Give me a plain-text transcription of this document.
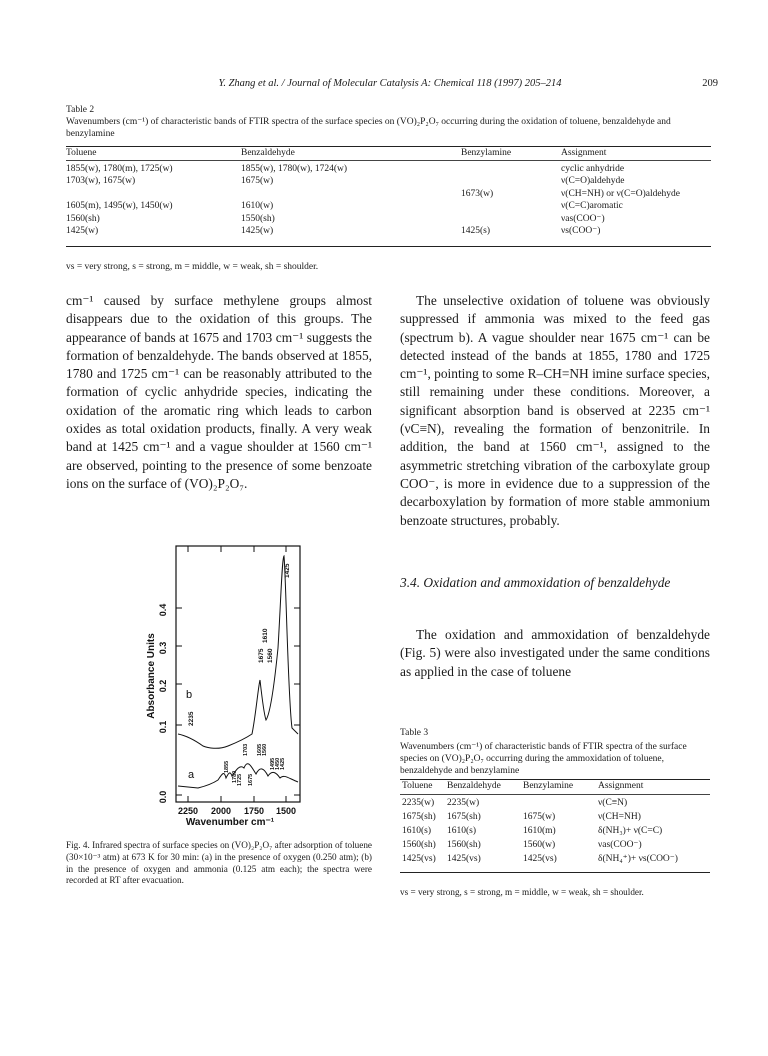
Y. Zhang et al. / Journal of Molecular Catalysis A: Chemical 118 (1997) 205–214	209
Table 2
Wavenumbers (cm⁻¹) of characteristic bands of FTIR spectra of the surface species on (VO)₂P₂O₇ occurring during the oxidation of toluene, benzaldehyde and benzylamine
Toluene	Benzaldehyde	Benzylamine	Assignment

1855(w), 1780(m), 1725(w)	1855(w), 1780(w), 1724(w)		cyclic anhydride
1703(w), 1675(w)	1675(w)		ν(C=O)aldehyde
		1673(w)	ν(CH=NH) or ν(C=O)aldehyde
1605(m), 1495(w), 1450(w)	1610(w)		ν(C=C)aromatic
1560(sh)	1550(sh)		νas(COO⁻)
1425(w)	1425(w)	1425(s)	νs(COO⁻)
vs = very strong, s = strong, m = middle, w = weak, sh = shoulder.

cm⁻¹ caused by surface methylene groups almost disappears due to the oxidation of this groups. The appearance of bands at 1675 and 1703 cm⁻¹ suggests the formation of benzaldehyde. The bands observed at 1855, 1780 and 1725 cm⁻¹ can be reasonably attributed to the formation of cyclic anhydride species, indicating the oxidation of the aromatic ring which leads to carbon oxides as total oxidation products, finally. A very weak band at 1425 cm⁻¹ and a vague shoulder at 1560 cm⁻¹ are observed, pointing to the presence of some benzoate ions on the surface of (VO)₂P₂O₇.

The unselective oxidation of toluene was obviously suppressed if ammonia was mixed to the feed gas (spectrum b). A vague shoulder near 1675 cm⁻¹ can be detected instead of the bands at 1855, 1780 and 1725 cm⁻¹, pointing to some R–CH=NH imine surface species, still remaining under these conditions. Moreover, a significant absorption band is observed at 2235 cm⁻¹ (νC≡N), revealing the formation of benzonitrile. In addition, the band at 1560 cm⁻¹, assigned to the asymmetric stretching vibration of the carboxylate group COO⁻, is more in evidence due to a suppression of the decarboxylation by formation of more stable ammonium benzoate structures, probably.

3.4. Oxidation and ammoxidation of benzaldehyde

The oxidation and ammoxidation of benzaldehyde (Fig. 5) were also investigated under the same conditions as applied in the case of toluene

0.0
0.1
0.2
0.3
0.4
Absorbance Units
2250 2000 1750 1500
Wavenumber cm⁻¹
b
a
2235
1675
1610
1560
1425
1855
1780 1725
1703
1675
1605 1560
1495 1450 1425
Fig. 4. Infrared spectra of surface species on (VO)₂P₂O₇ after adsorption of toluene (30×10⁻³ atm) at 673 K for 30 min: (a) in the presence of oxygen (0.250 atm); (b) in the presence of oxygen and ammonia (0.125 atm each); the spectra were recorded at RT after evacuation.
Table 3
Wavenumbers (cm⁻¹) of characteristic bands of FTIR spectra of the surface species on (VO)₂P₂O₇ occurring during the ammoxidation of toluene, benzaldehyde and benzylamine
Toluene	Benzaldehyde	Benzylamine	Assignment

2235(w)	2235(w)		ν(C≡N)
1675(sh)	1675(sh)	1675(w)	ν(CH=NH)
1610(s)	1610(s)	1610(m)	δ(NH₃)+ ν(C=C)
1560(sh)	1560(sh)	1560(w)	νas(COO⁻)
1425(vs)	1425(vs)	1425(vs)	δ(NH₄⁺)+ νs(COO⁻)
vs = very strong, s = strong, m = middle, w = weak, sh = shoulder.
